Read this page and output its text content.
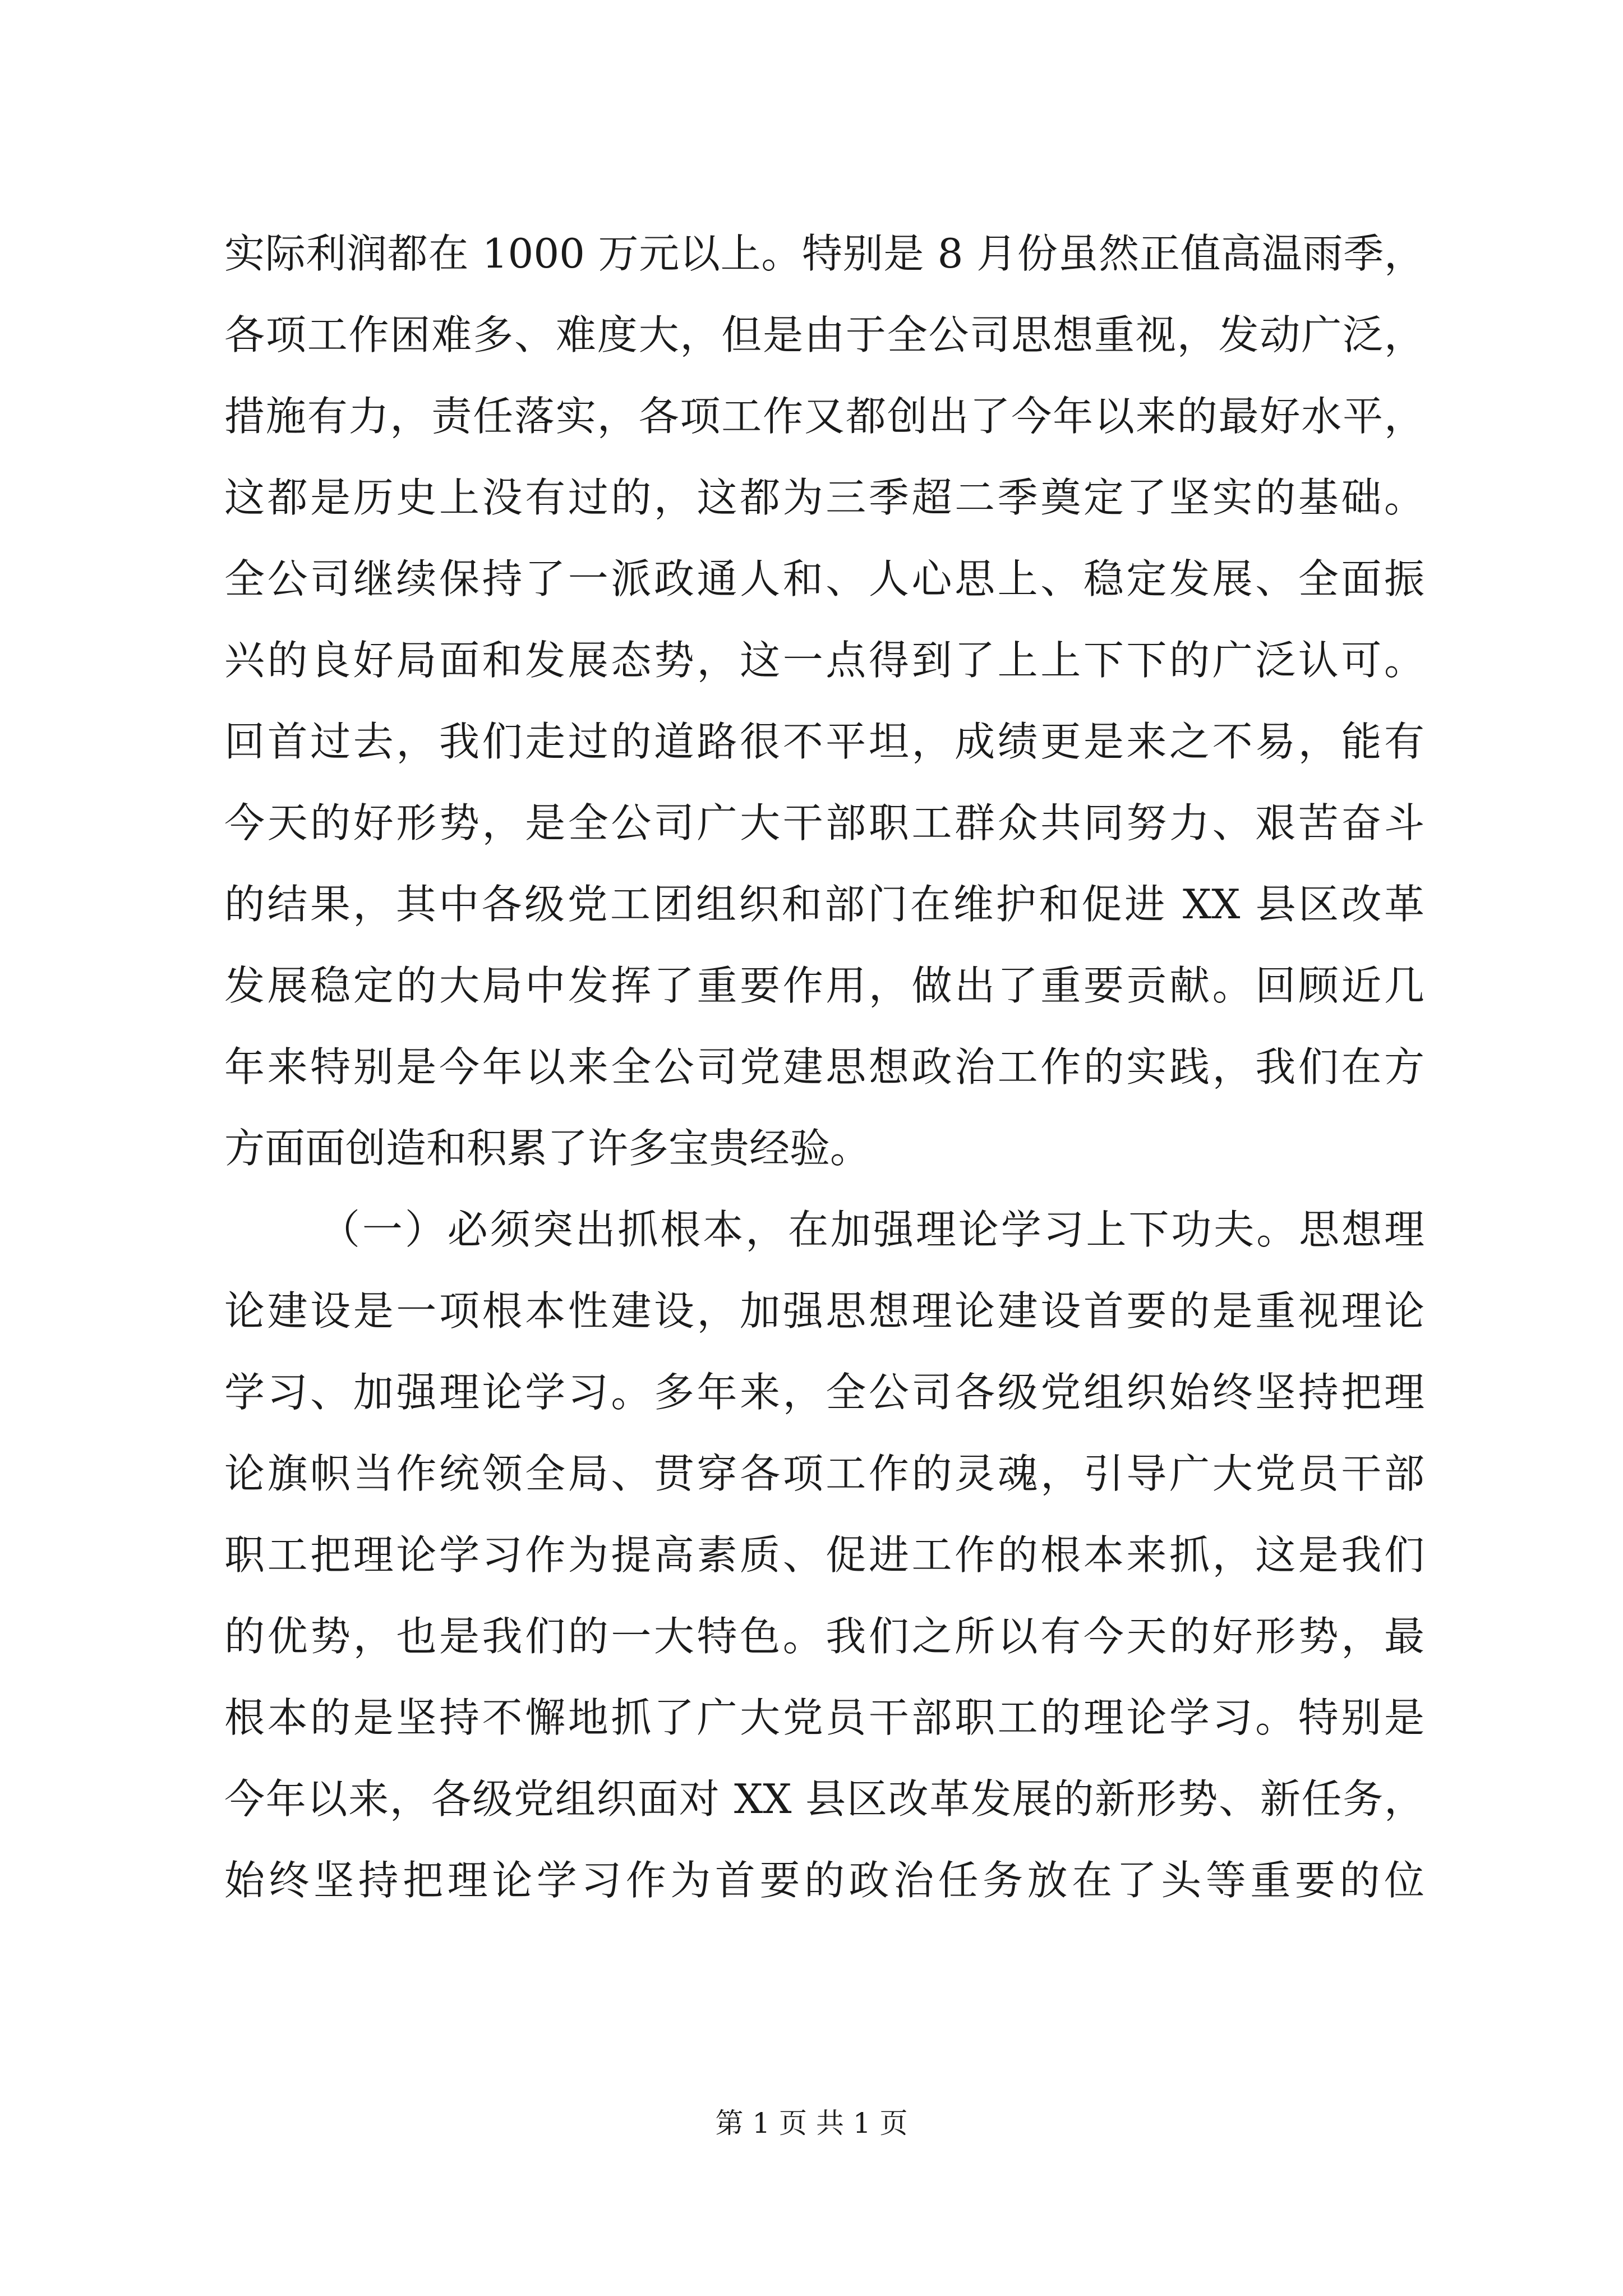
实际利润都在 1000 万元以上。特别是 8 月份虽然正值高温雨季，
各项工作困难多、难度大，但是由于全公司思想重视，发动广泛，
措施有力，责任落实，各项工作又都创出了今年以来的最好水平，
这都是历史上没有过的，这都为三季超二季奠定了坚实的基础。
全公司继续保持了一派政通人和、人心思上、稳定发展、全面振
兴的良好局面和发展态势，这一点得到了上上下下的广泛认可。
回首过去，我们走过的道路很不平坦，成绩更是来之不易，能有
今天的好形势，是全公司广大干部职工群众共同努力、艰苦奋斗
的结果，其中各级党工团组织和部门在维护和促进 XX 县区改革
发展稳定的大局中发挥了重要作用，做出了重要贡献。回顾近几
年来特别是今年以来全公司党建思想政治工作的实践，我们在方
方面面创造和积累了许多宝贵经验。
（一）必须突出抓根本，在加强理论学习上下功夫。思想理
论建设是一项根本性建设，加强思想理论建设首要的是重视理论
学习、加强理论学习。多年来，全公司各级党组织始终坚持把理
论旗帜当作统领全局、贯穿各项工作的灵魂，引导广大党员干部
职工把理论学习作为提高素质、促进工作的根本来抓，这是我们
的优势，也是我们的一大特色。我们之所以有今天的好形势，最
根本的是坚持不懈地抓了广大党员干部职工的理论学习。特别是
今年以来，各级党组织面对 XX 县区改革发展的新形势、新任务，
始终坚持把理论学习作为首要的政治任务放在了头等重要的位
第 1 页 共 1 页
